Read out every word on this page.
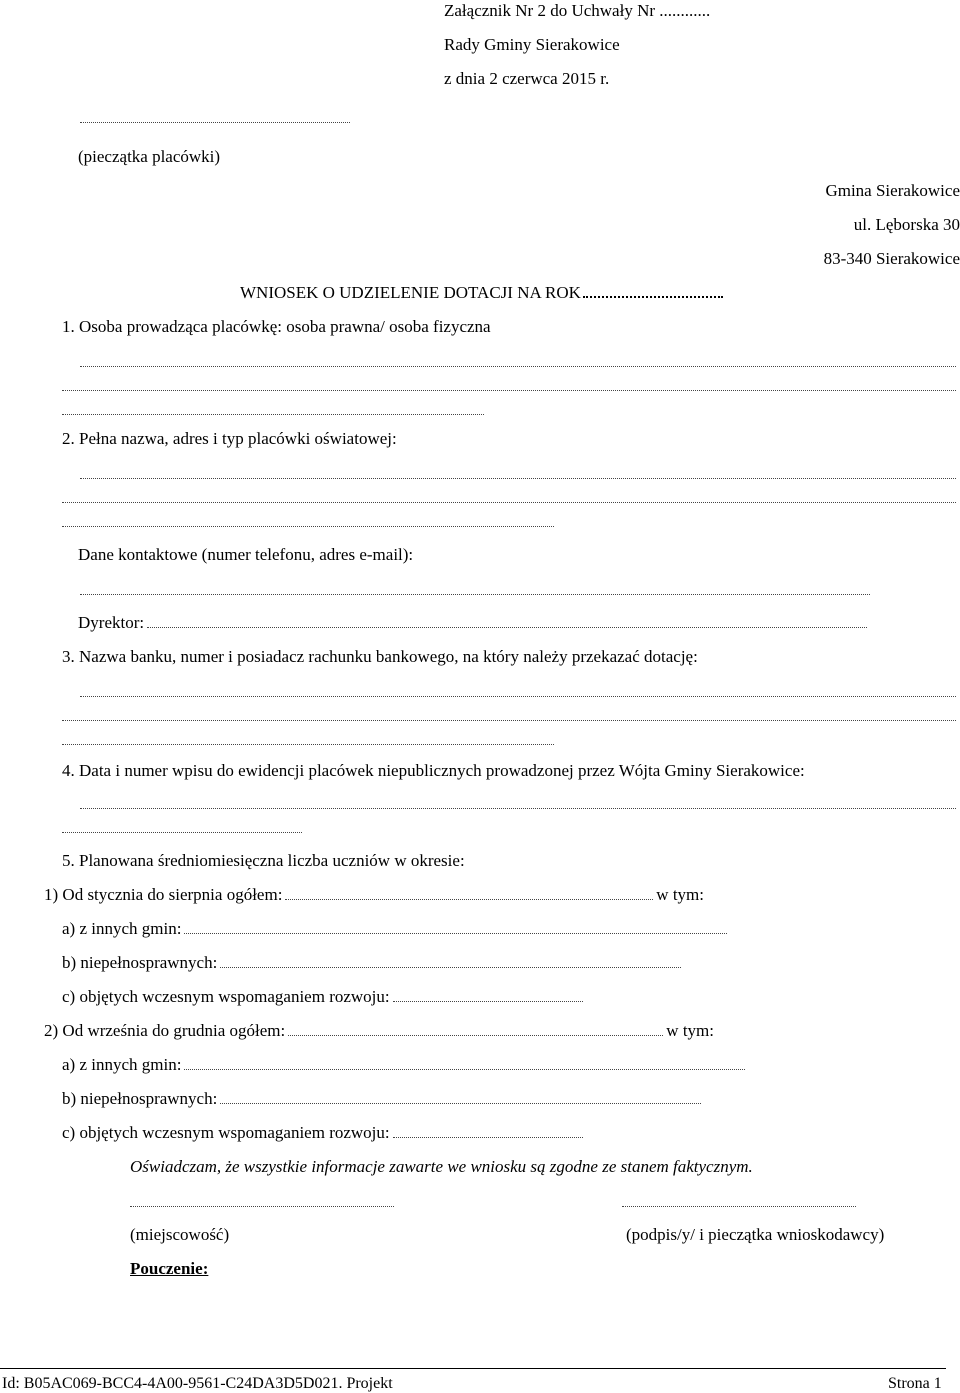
Załącznik Nr 2 do Uchwały Nr ............
Rady Gminy Sierakowice
z dnia 2 czerwca 2015 r.
(pieczątka placówki)
Gmina Sierakowice
ul. Lęborska 30
83-340 Sierakowice
WNIOSEK O UDZIELENIE DOTACJI NA ROK
1. Osoba prowadząca placówkę: osoba prawna/ osoba fizyczna
2. Pełna nazwa, adres i typ placówki oświatowej:
Dane kontaktowe (numer telefonu, adres e-mail):
Dyrektor:
3. Nazwa banku, numer i posiadacz rachunku bankowego, na który należy przekazać dotację:
4. Data i numer wpisu do ewidencji placówek niepublicznych prowadzonej przez Wójta Gminy Sierakowice:
5. Planowana średniomiesięczna liczba uczniów w okresie:
1) Od stycznia do sierpnia ogółem:	w tym:
a) z innych gmin:
b) niepełnosprawnych:
c) objętych wczesnym wspomaganiem rozwoju:
2) Od września do grudnia ogółem:	w tym:
a) z innych gmin:
b) niepełnosprawnych:
c) objętych wczesnym wspomaganiem rozwoju:
Oświadczam, że wszystkie informacje zawarte we wniosku są zgodne ze stanem faktycznym.
(miejscowość)	(podpis/y/ i pieczątka wnioskodawcy)
Pouczenie:
Id: B05AC069-BCC4-4A00-9561-C24DA3D5D021. Projekt	Strona 1
